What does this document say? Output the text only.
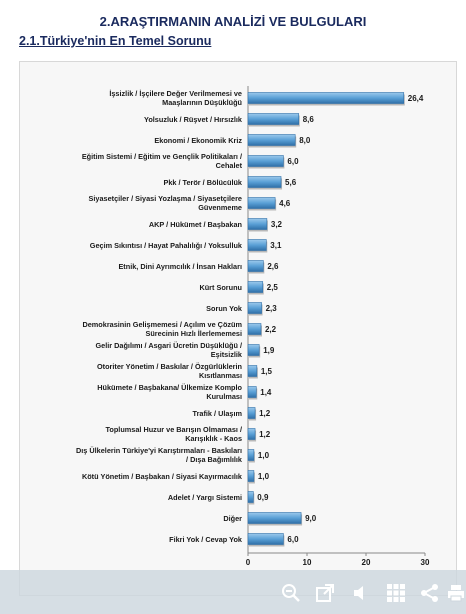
2.ARAŞTIRMANIN ANALİZİ VE BULGULARI
2.1.Türkiye'nin En Temel Sorunu
İşsizlik / İşçilere Değer Verilmemesi ve Maaşlarının Düşüklüğü	26,4
Yolsuzluk / Rüşvet / Hırsızlık	8,6
Ekonomi / Ekonomik Kriz	8,0
Eğitim Sistemi / Eğitim ve Gençlik Politikaları / Cehalet	6,0
Pkk / Terör / Bölücülük	5,6
Siyasetçiler / Siyasi Yozlaşma / Siyasetçilere Güvenmeme	4,6
AKP / Hükümet / Başbakan	3,2
Geçim Sıkıntısı / Hayat Pahalılığı / Yoksulluk	3,1
Etnik, Dini Ayrımcılık / İnsan Hakları	2,6
Kürt Sorunu	2,5
Sorun Yok	2,3
Demokrasinin Gelişmemesi / Açılım ve Çözüm Sürecinin Hızlı İlerlememesi	2,2
Gelir Dağılımı / Asgari Ücretin Düşüklüğü / Eşitsizlik	1,9
Otoriter Yönetim / Baskılar / Özgürlüklerin Kısıtlanması 1,5
Hükümete / Başbakana/ Ülkemize Komplo Kurulması 1,4
Trafik / Ulaşım 1,2
Toplumsal Huzur ve Barışın Olmaması / Karışıklık - Kaos 1,2
Dış Ülkelerin Türkiye'yi Karıştırmaları - Baskıları / Dışa Bağımlılık 1,0
Kötü Yönetim / Başbakan / Siyasi Kayırmacılık 1,0
Adelet / Yargı Sistemi 0,9
Diğer	9,0
Fikri Yok / Cevap Yok	6,0
0	10	20	30
